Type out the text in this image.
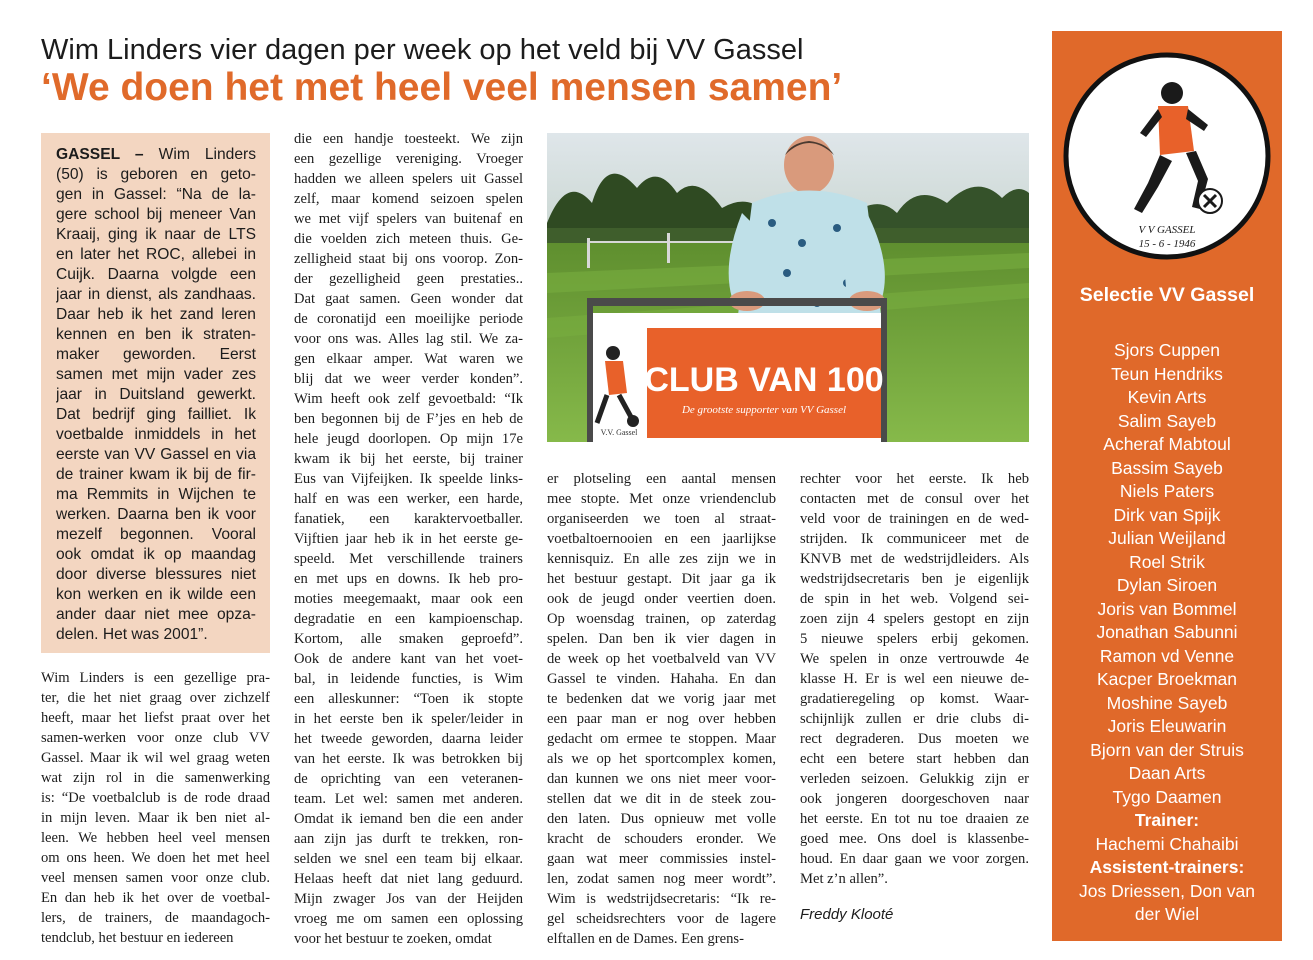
Wim Linders vier dagen per week op het veld bij VV Gassel
‘We doen het met heel veel mensen samen’
GASSEL – Wim Linders
(50) is geboren en geto-
gen in Gassel: “Na de la-
gere school bij meneer Van
Kraaij, ging ik naar de LTS
en later het ROC, allebei in
Cuijk. Daarna volgde een
jaar in dienst, als zandhaas.
Daar heb ik het zand leren
kennen en ben ik straten-
maker geworden. Eerst
samen met mijn vader zes
jaar in Duitsland gewerkt.
Dat bedrijf ging failliet. Ik
voetbalde inmiddels in het
eerste van VV Gassel en via
de trainer kwam ik bij de fir-
ma Remmits in Wijchen te
werken. Daarna ben ik voor
mezelf begonnen. Vooral
ook omdat ik op maandag
door diverse blessures niet
kon werken en ik wilde een
ander daar niet mee opza-
delen. Het was 2001”.
Wim Linders is een gezellige pra-
ter, die het niet graag over zichzelf
heeft, maar het liefst praat over het
samen-werken voor onze club VV
Gassel. Maar ik wil wel graag weten
wat zijn rol in die samenwerking
is: “De voetbalclub is de rode draad
in mijn leven. Maar ik ben niet al-
leen. We hebben heel veel mensen
om ons heen. We doen het met heel
veel mensen samen voor onze club.
En dan heb ik het over de voetbal-
lers, de trainers, de maandagoch-
tendclub, het bestuur en iedereen
die een handje toesteekt. We zijn
een gezellige vereniging. Vroeger
hadden we alleen spelers uit Gassel
zelf, maar komend seizoen spelen
we met vijf spelers van buitenaf en
die voelden zich meteen thuis. Ge-
zelligheid staat bij ons voorop. Zon-
der gezelligheid geen prestaties..
Dat gaat samen. Geen wonder dat
de coronatijd een moeilijke periode
voor ons was. Alles lag stil. We za-
gen elkaar amper. Wat waren we
blij dat we weer verder konden”.
Wim heeft ook zelf gevoetbald: “Ik
ben begonnen bij de F’jes en heb de
hele jeugd doorlopen. Op mijn 17e
kwam ik bij het eerste, bij trainer
Eus van Vijfeijken. Ik speelde links-
half en was een werker, een harde,
fanatiek, een karaktervoetballer.
Vijftien jaar heb ik in het eerste ge-
speeld. Met verschillende trainers
en met ups en downs. Ik heb pro-
moties meegemaakt, maar ook een
degradatie en een kampioenschap.
Kortom, alle smaken geproefd”.
Ook de andere kant van het voet-
bal, in leidende functies, is Wim
een alleskunner: “Toen ik stopte
in het eerste ben ik speler/leider in
het tweede geworden, daarna leider
van het eerste. Ik was betrokken bij
de oprichting van een veteranen-
team. Let wel: samen met anderen.
Omdat ik iemand ben die een ander
aan zijn jas durft te trekken, ron-
selden we snel een team bij elkaar.
Helaas heeft dat niet lang geduurd.
Mijn zwager Jos van der Heijden
vroeg me om samen een oplossing
voor het bestuur te zoeken, omdat
er plotseling een aantal mensen
mee stopte. Met onze vriendenclub
organiseerden we toen al straat-
voetbaltoernooien en een jaarlijkse
kennisquiz. En alle zes zijn we in
het bestuur gestapt. Dit jaar ga ik
ook de jeugd onder veertien doen.
Op woensdag trainen, op zaterdag
spelen. Dan ben ik vier dagen in
de week op het voetbalveld van VV
Gassel te vinden. Hahaha. En dan
te bedenken dat we vorig jaar met
een paar man er nog over hebben
gedacht om ermee te stoppen. Maar
als we op het sportcomplex komen,
dan kunnen we ons niet meer voor-
stellen dat we dit in de steek zou-
den laten. Dus opnieuw met volle
kracht de schouders eronder. We
gaan wat meer commissies instel-
len, zodat samen nog meer wordt”.
Wim is wedstrijdsecretaris: “Ik re-
gel scheidsrechters voor de lagere
elftallen en de Dames. Een grens-
rechter voor het eerste. Ik heb
contacten met de consul over het
veld voor de trainingen en de wed-
strijden. Ik communiceer met de
KNVB met de wedstrijdleiders. Als
wedstrijdsecretaris ben je eigenlijk
de spin in het web. Volgend sei-
zoen zijn 4 spelers gestopt en zijn
5 nieuwe spelers erbij gekomen.
We spelen in onze vertrouwde 4e
klasse H. Er is wel een nieuwe de-
gradatieregeling op komst. Waar-
schijnlijk zullen er drie clubs di-
rect degraderen. Dus moeten we
echt een betere start hebben dan
verleden seizoen. Gelukkig zijn er
ook jongeren doorgeschoven naar
het eerste. En tot nu toe draaien ze
goed mee. Ons doel is klassenbe-
houd. En daar gaan we voor zorgen.
Met z’n allen”.
V.V. Gassel
CLUB VAN 100
De grootste supporter van VV Gassel
Freddy Klooté
V V GASSEL
15 - 6 - 1946
Selectie VV Gassel
Sjors Cuppen
Teun Hendriks
Kevin Arts
Salim Sayeb
Acheraf Mabtoul
Bassim Sayeb
Niels Paters
Dirk van Spijk
Julian Weijland
Roel Strik
Dylan Siroen
Joris van Bommel
Jonathan Sabunni
Ramon vd Venne
Kacper Broekman
Moshine Sayeb
Joris Eleuwarin
Bjorn van der Struis
Daan Arts
Tygo Daamen
Trainer:
Hachemi Chahaibi
Assistent-trainers:
Jos Driessen, Don van
der Wiel
